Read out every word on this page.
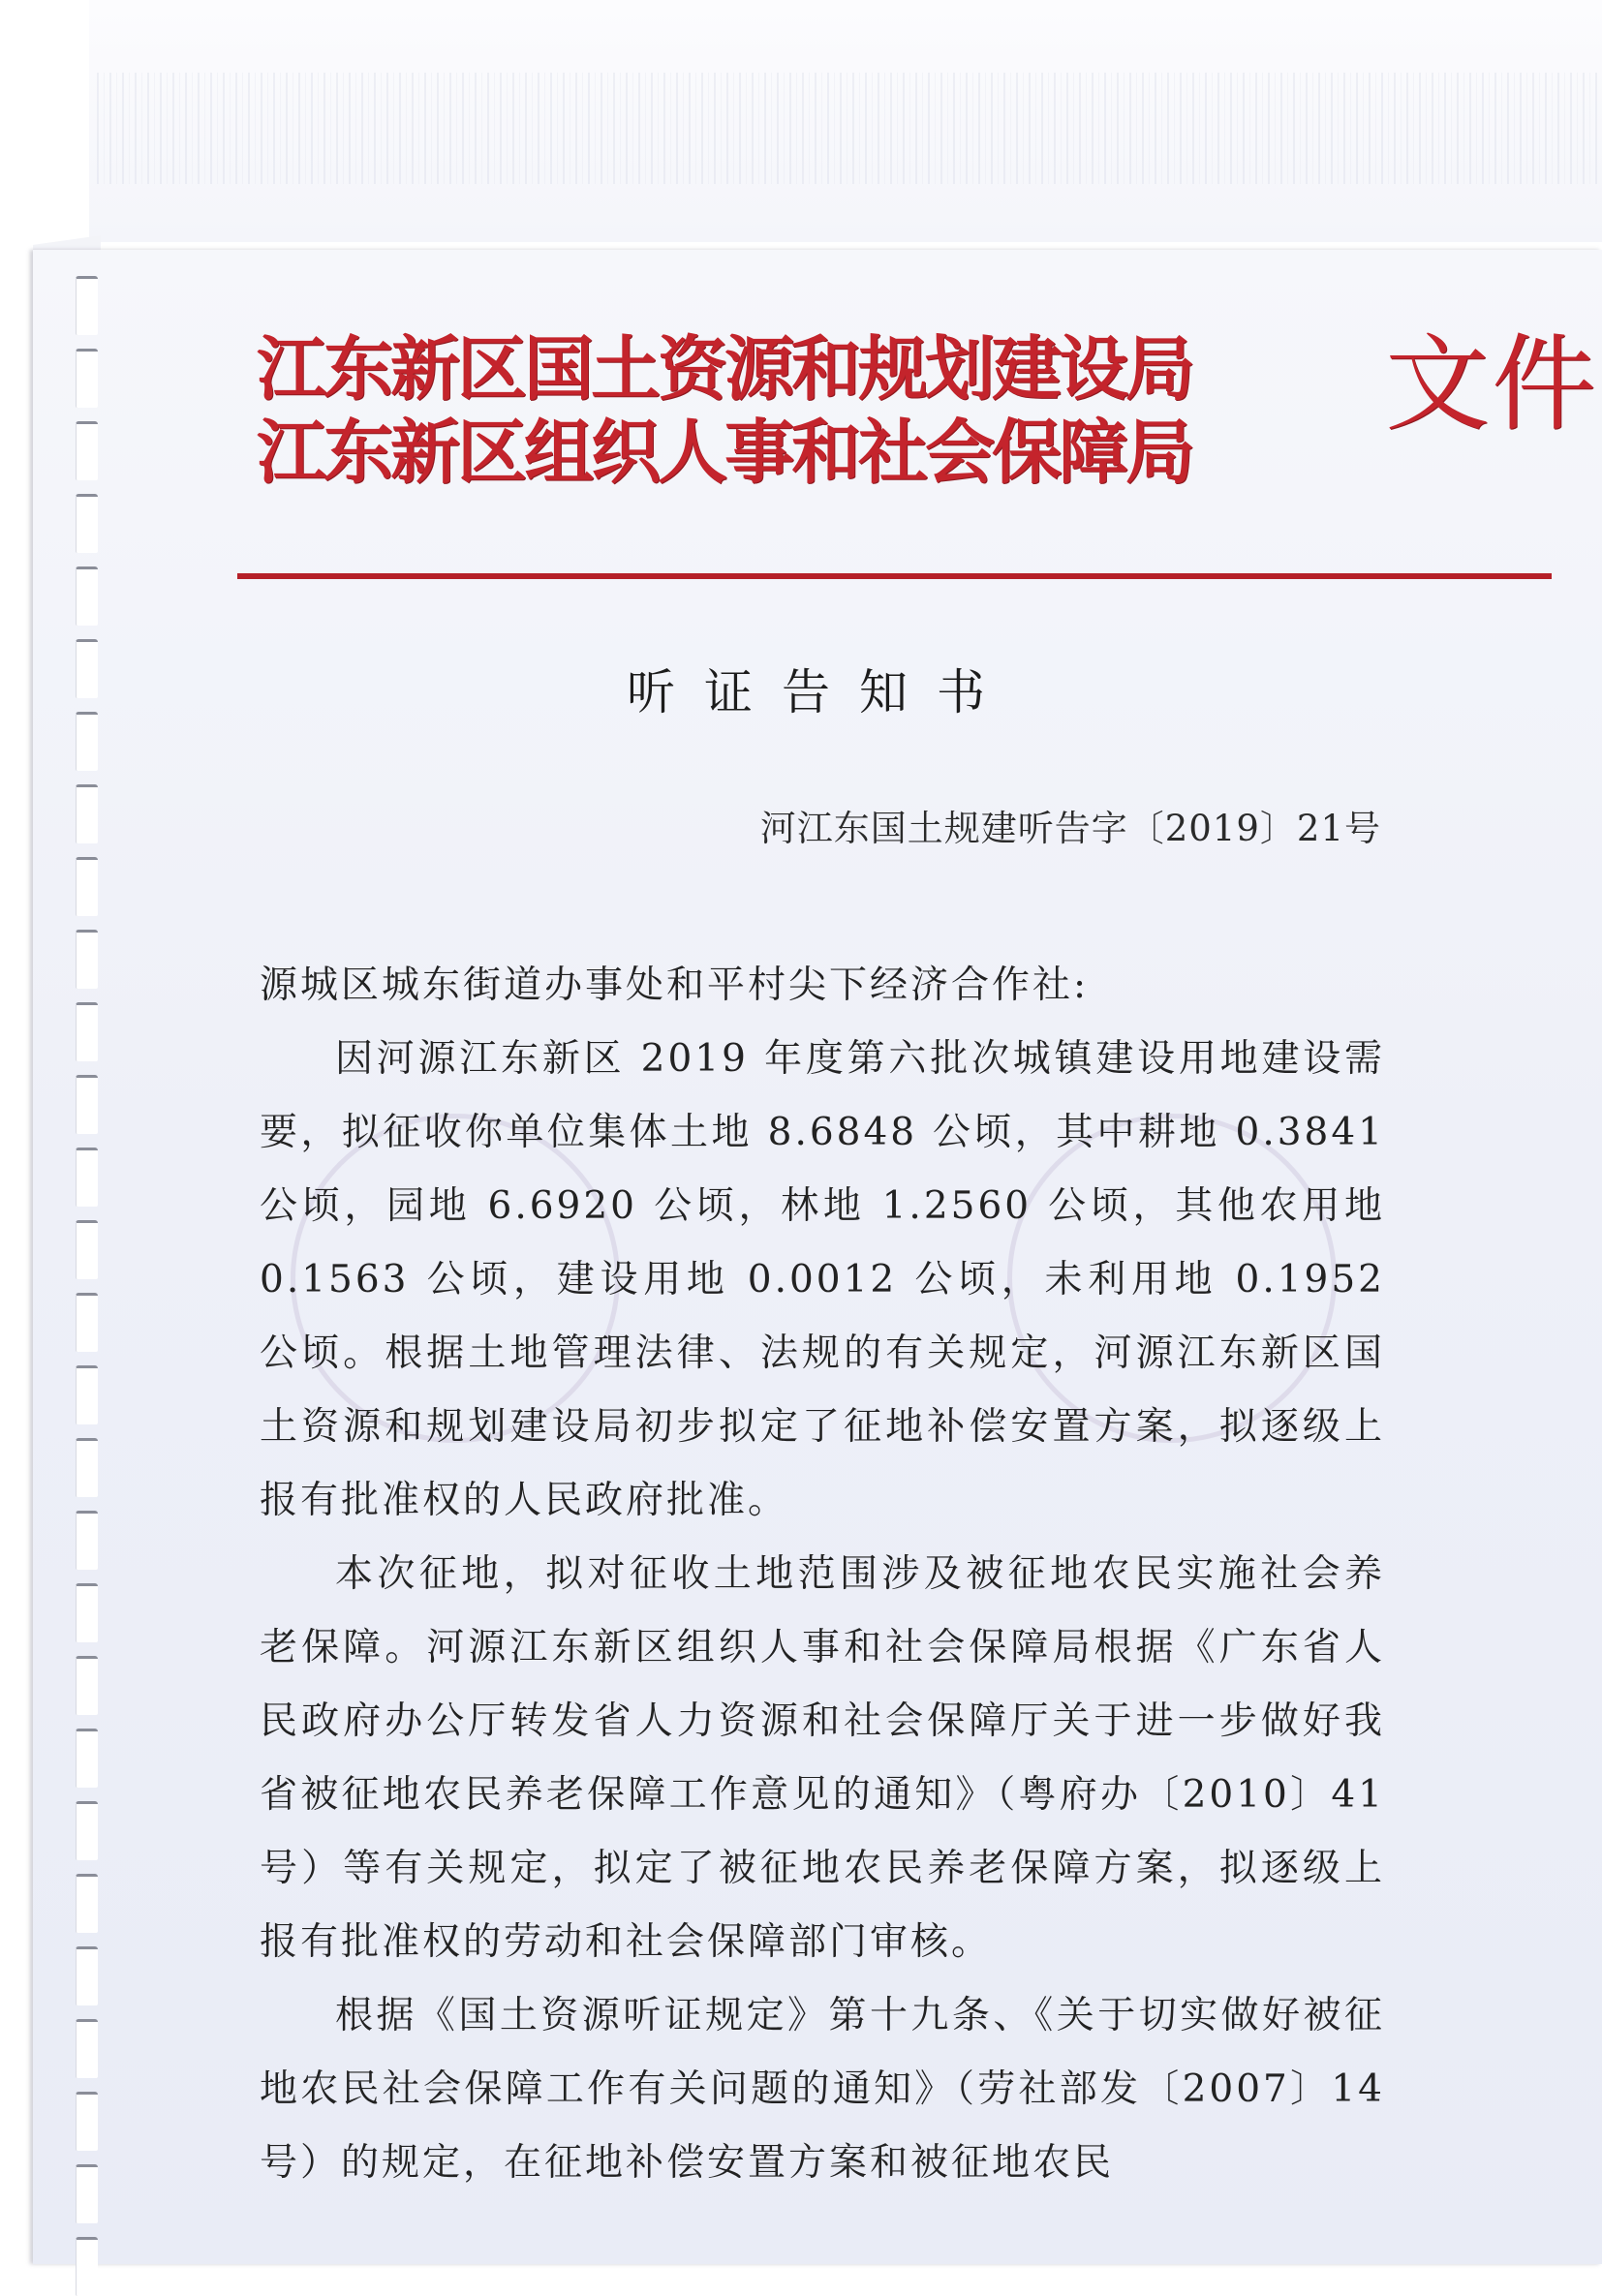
江东新区国土资源和规划建设局
江东新区组织人事和社会保障局
文件
听证告知书
河江东国土规建听告字〔2019〕21号

源城区城东街道办事处和平村尖下经济合作社:

因河源江东新区 2019 年度第六批次城镇建设用地建设需要，拟征收你单位集体土地 8.6848 公顷，其中耕地 0.3841 公顷，园地 6.6920 公顷，林地 1.2560 公顷，其他农用地 0.1563 公顷，建设用地 0.0012 公顷，未利用地 0.1952 公顷。根据土地管理法律、法规的有关规定，河源江东新区国土资源和规划建设局初步拟定了征地补偿安置方案，拟逐级上报有批准权的人民政府批准。

本次征地，拟对征收土地范围涉及被征地农民实施社会养老保障。河源江东新区组织人事和社会保障局根据《广东省人民政府办公厅转发省人力资源和社会保障厅关于进一步做好我省被征地农民养老保障工作意见的通知》（粤府办〔2010〕41 号）等有关规定，拟定了被征地农民养老保障方案，拟逐级上报有批准权的劳动和社会保障部门审核。

根据《国土资源听证规定》第十九条、《关于切实做好被征地农民社会保障工作有关问题的通知》（劳社部发〔2007〕14号）的规定，在征地补偿安置方案和被征地农民
